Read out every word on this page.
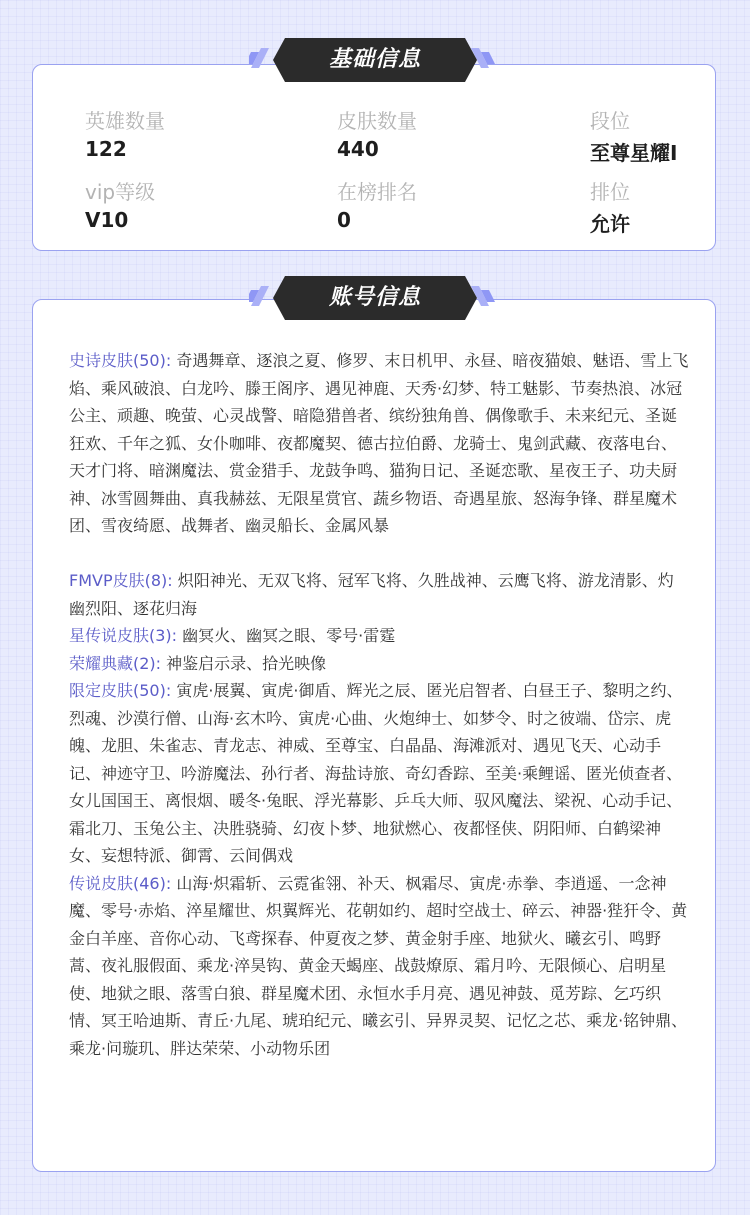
英雄数量
122
皮肤数量
440
段位
至尊星耀I
vip等级
V10
在榜排名
0
排位
允许
基础信息

史诗皮肤(50): 奇遇舞章、逐浪之夏、修罗、末日机甲、永昼、暗夜猫娘、魅语、雪上飞焰、乘风破浪、白龙吟、滕王阁序、遇见神鹿、天秀·幻梦、特工魅影、节奏热浪、冰冠公主、顽趣、晚萤、心灵战警、暗隐猎兽者、缤纷独角兽、偶像歌手、未来纪元、圣诞狂欢、千年之狐、女仆咖啡、夜都魔契、德古拉伯爵、龙骑士、鬼剑武藏、夜落电台、天才门将、暗渊魔法、赏金猎手、龙鼓争鸣、猫狗日记、圣诞恋歌、星夜王子、功夫厨神、冰雪圆舞曲、真我赫兹、无限星赏官、蔬乡物语、奇遇星旅、怒海争锋、群星魔术团、雪夜绮愿、战舞者、幽灵船长、金属风暴

FMVP皮肤(8): 炽阳神光、无双飞将、冠军飞将、久胜战神、云鹰飞将、游龙清影、灼幽烈阳、逐花归海

星传说皮肤(3): 幽冥火、幽冥之眼、零号·雷霆

荣耀典藏(2): 神鉴启示录、拾光映像

限定皮肤(50): 寅虎·展翼、寅虎·御盾、辉光之辰、匿光启智者、白昼王子、黎明之约、烈魂、沙漠行僧、山海·玄木吟、寅虎·心曲、火炮绅士、如梦令、时之彼端、岱宗、虎魄、龙胆、朱雀志、青龙志、神威、至尊宝、白晶晶、海滩派对、遇见飞天、心动手记、神迹守卫、吟游魔法、孙行者、海盐诗旅、奇幻香踪、至美·乘鲤谣、匿光侦查者、女儿国国王、离恨烟、暖冬·兔眠、浮光幕影、乒乓大师、驭风魔法、梁祝、心动手记、霜北刀、玉兔公主、决胜骁骑、幻夜卜梦、地狱燃心、夜都怪侠、阴阳师、白鹤梁神女、妄想特派、御霄、云间偶戏

传说皮肤(46): 山海·炽霜斩、云霓雀翎、补天、枫霜尽、寅虎·赤拳、李逍遥、一念神魔、零号·赤焰、淬星耀世、炽翼辉光、花朝如约、超时空战士、碎云、神器·狴犴令、黄金白羊座、音你心动、飞鸢探春、仲夏夜之梦、黄金射手座、地狱火、曦玄引、鸣野蒿、夜礼服假面、乘龙·淬昊钩、黄金天蝎座、战鼓燎原、霜月吟、无限倾心、启明星使、地狱之眼、落雪白狼、群星魔术团、永恒水手月亮、遇见神鼓、觅芳踪、乞巧织情、冥王哈迪斯、青丘·九尾、琥珀纪元、曦玄引、异界灵契、记忆之芯、乘龙·铭钟鼎、乘龙·问璇玑、胖达荣荣、小动物乐团

账号信息
